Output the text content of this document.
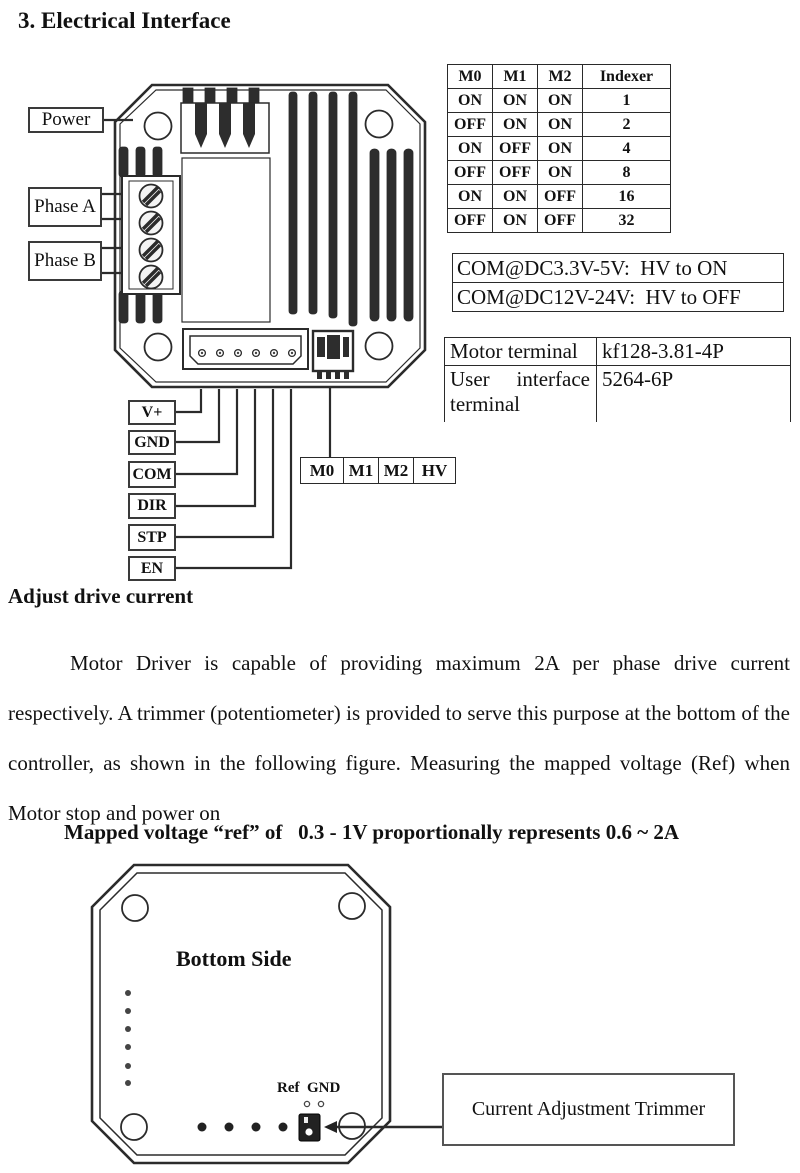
3. Electrical Interface
Power
Phase A
Phase B
V+
GND
COM
DIR
STP
EN
M0	M1	M2	HV
M0	M1	M2	Indexer
ON	ON	ON	1
OFF	ON	ON	2
ON	OFF	ON	4
OFF	OFF	ON	8
ON	ON	OFF	16
OFF	ON	OFF	32
COM@DC3.3V-5V:  HV to ON
COM@DC12V-24V:  HV to OFF
Motor terminal	kf128-3.81-4P
User interface terminal	5264-6P
Adjust drive current

Motor Driver is capable of providing maximum 2A per phase drive current respectively. A trimmer (potentiometer) is provided to serve this purpose at the bottom of the controller, as shown in the following figure. Measuring the mapped voltage (Ref) when Motor stop and power on

Mapped voltage “ref” of   0.3 - 1V proportionally represents 0.6 ~ 2A
Bottom Side
Ref  GND
Current Adjustment Trimmer
